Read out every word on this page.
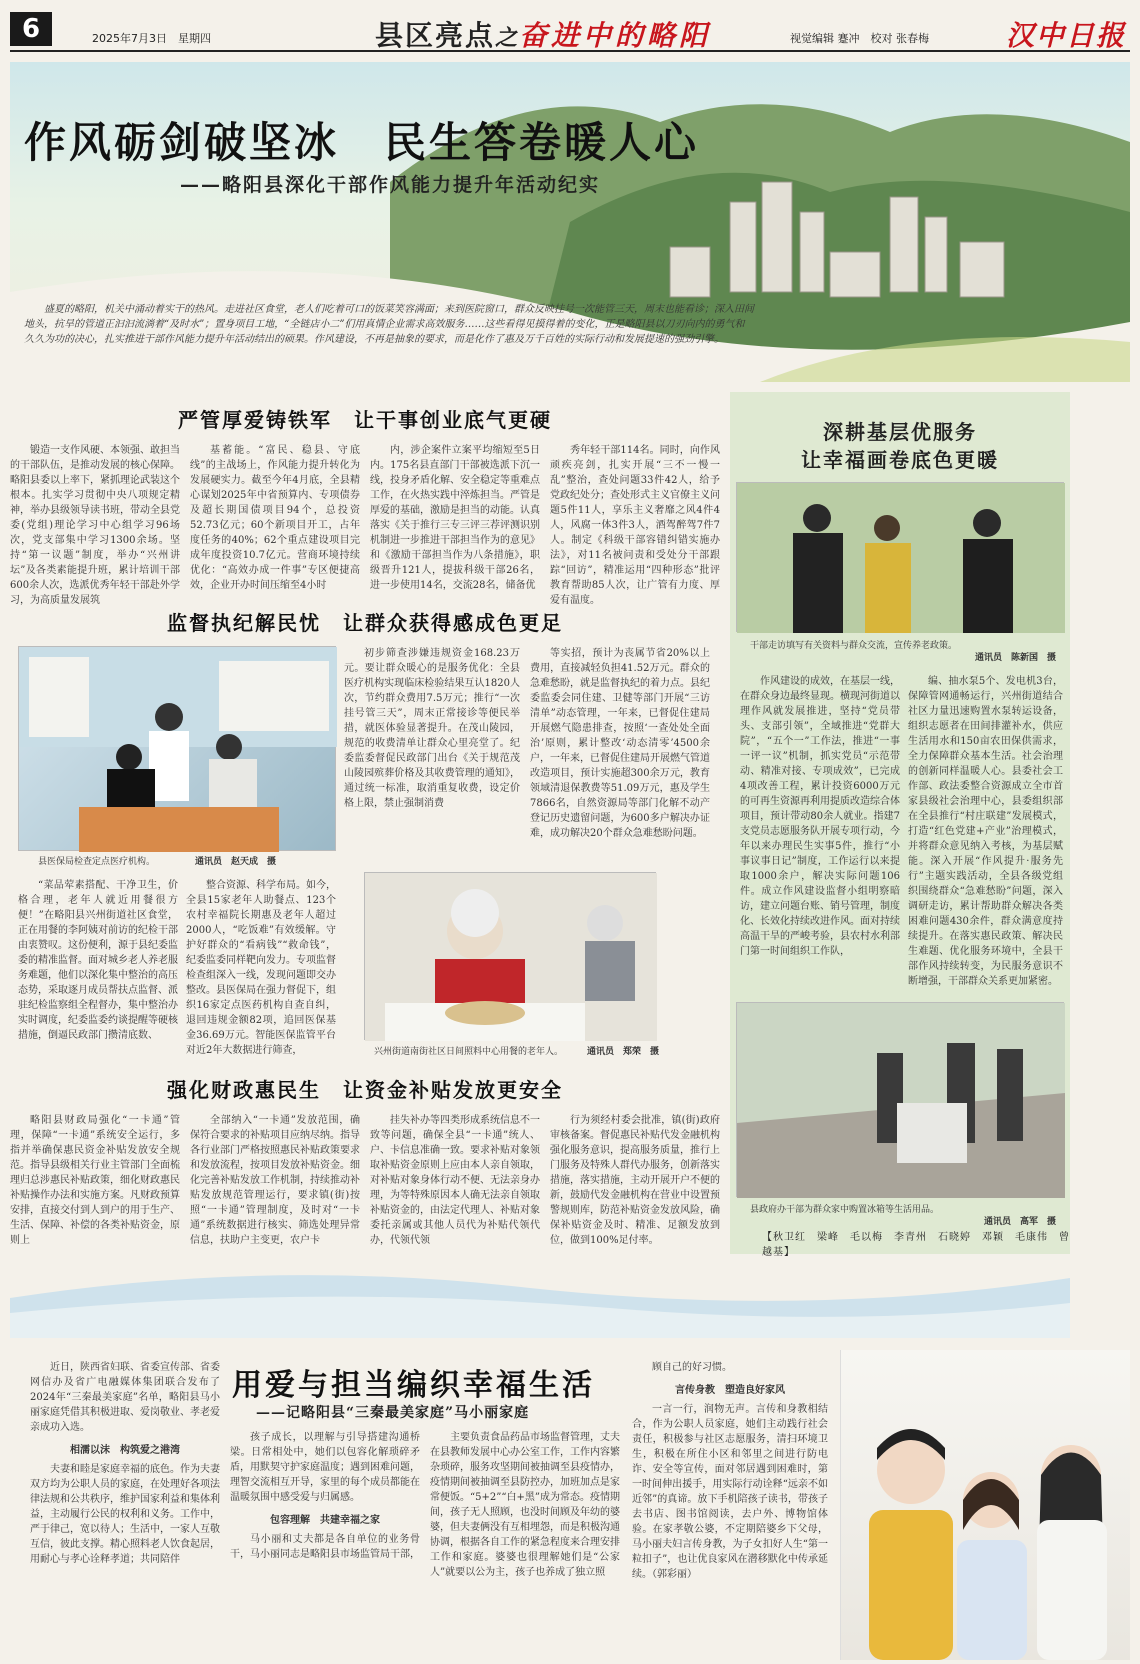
6	2025年7月3日　星期四	县区亮点之奋进中的略阳	视觉编辑 蹇冲　校对 张春梅	汉中日报
作风砺剑破坚冰　民生答卷暖人心
——略阳县深化干部作风能力提升年活动纪实
盛夏的略阳，机关中涌动着实干的热风。走进社区食堂，老人们吃着可口的饭菜笑容满面；来到医院窗口，群众反映挂号一次能管三天，周末也能看诊；深入田间地头，抗旱的管道正汩汩流淌着“及时水”；置身项目工地，“全链店小二”们用真情企业需求高效服务……这些看得见摸得着的变化，正是略阳县以刀刃向内的勇气和久久为功的决心，扎实推进干部作风能力提升年活动结出的硕果。作风建设，不再是抽象的要求，而是化作了惠及万千百姓的实际行动和发展提速的强劲引擎。
严管厚爱铸铁军　让干事创业底气更硬
锻造一支作风硬、本领强、敢担当的干部队伍，是推动发展的核心保障。略阳县委以上率下，紧抓理论武装这个根本。扎实学习贯彻中央八项规定精神，举办县级领导读书班，带动全县党委(党组)理论学习中心组学习96场次，党支部集中学习1300余场。坚持“第一议题”制度，举办“兴州讲坛”及各类素能提升班，累计培训干部600余人次，选派优秀年轻干部赴外学习，为高质量发展筑
基蓄能。“富民、稳县、守底线”的主战场上，作风能力提升转化为发展硬实力。截至今年4月底，全县精心谋划2025年中省预算内、专项债券及超长期国债项目94个，总投资52.73亿元；60个新项目开工，占年度任务的40%；62个重点建设项目完成年度投资10.7亿元。营商环境持续优化：“高效办成一件事”专区便捷高效，企业开办时间压缩至4小时
内，涉企案件立案平均缩短至5日内。175名县直部门干部被选派下沉一线，投身矛盾化解、安全稳定等重难点工作，在火热实践中淬炼担当。严管是厚爱的基础，激励是担当的动能。认真落实《关于推行三专三评三荐评测识别机制进一步推进干部担当作为的意见》和《激励干部担当作为八条措施》，职级晋升121人，提拔科级干部26名，进一步使用14名，交流28名，储备优
秀年轻干部114名。同时，向作风顽疾亮剑，扎实开展“三不一慢一乱”整治，查处问题33件42人，给予党政纪处分；查处形式主义官僚主义问题5件11人，享乐主义奢靡之风4件4人，风腐一体3件3人，酒驾醉驾7件7人。制定《科级干部容错纠错实施办法》，对11名被问责和受处分干部跟踪“回访”，精准运用“四种形态”批评教育帮助85人次，让广管有力度、厚爱有温度。
监督执纪解民忧　让群众获得感成色更足
县医保局检查定点医疗机构。	通讯员　赵天成　摄
初步筛查涉嫌违规资金168.23万元。要让群众暖心的是服务优化：全县医疗机构实现临床检验结果互认1820人次，节约群众费用7.5万元；推行“一次挂号管三天”，周末正常接诊等便民举措，就医体验显著提升。在茂山陵园，规范的收费清单让群众心里亮堂了。纪委监委督促民政部门出台《关于规范茂山陵园殡葬价格及其收费管理的通知》，通过统一标准，取消重复收费，设定价格上限，禁止强制消费
等实招，预计为丧属节省20%以上费用，直接减轻负担41.52万元。群众的急难愁盼，就是监督执纪的着力点。县纪委监委会同住建、卫健等部门开展“三访清单”动态管理，一年来，已督促住建局开展燃气隐患排查，按照‘一查处处全面治’原则，累计整改‘动态清零’4500余户，一年来，已督促住建局开展燃气管道改造项目，预计实施超300余万元，教育领域清退保教费等51.09万元，惠及学生7866名，自然资源局等部门化解不动产登记历史遗留问题，为600多户解决办证难，成功解决20个群众急难愁盼问题。
“菜品荤素搭配、干净卫生，价格合理，老年人就近用餐很方便！”在略阳县兴州街道社区食堂，正在用餐的李阿姨对前访的纪检干部由衷赞叹。这份便利，源于县纪委监委的精准监督。面对城乡老人养老服务难题，他们以深化集中整治的高压态势，采取逐月成员帮扶点监督、派驻纪检监察组全程督办，集中整治办实时调度，纪委监委约谈提醒等硬核措施，倒逼民政部门攒清底数、
整合资源、科学布局。如今，全县15家老年人助餐点、123个农村幸福院长期惠及老年人超过2000人，“吃饭难”有效缓解。守护好群众的“看病钱”“救命钱”，纪委监委同样靶向发力。专项监督检查组深入一线，发现问题即交办整改。县医保局在强力督促下，组织16家定点医药机构自查自纠，退回违规金额82项，追回医保基金36.69万元。智能医保监管平台对近2年大数据进行筛查，	兴州街道南街社区日间照料中心用餐的老年人。	通讯员　郑荣　摄
强化财政惠民生　让资金补贴发放更安全
略阳县财政局强化“一卡通”管理，保障“一卡通”系统安全运行，多指并举确保惠民资金补贴发放安全规范。指导县级相关行业主管部门全面梳理归总涉惠民补贴政策，细化财政惠民补贴操作办法和实施方案。凡财政预算安排，直接交付到人到户的用于生产、生活、保障、补偿的各类补贴资金，原则上
全部纳入“一卡通”发放范围，确保符合要求的补贴项目应纳尽纳。指导各行业部门严格按照惠民补贴政策要求和发放流程，按项目发放补贴资金。细化完善补贴发放工作机制，持续推动补贴发放规范管理运行，要求镇(街)按照“一卡通”管理制度，及时对“一卡通”系统数据进行核实、筛选处理异常信息，扶助户主变更，农户卡
挂失补办等四类形成系统信息不一致等问题，确保全县“一卡通”统人、户、卡信息准确一致。要求补贴对象领取补贴资金原则上应由本人亲自领取，对补贴对象身体行动不便、无法亲身办理，为等特殊原因本人确无法亲自领取补贴资金的，由法定代理人、补贴对象委托亲属或其他人员代为补贴代领代办，代领代领
行为须经村委会批准，镇(街)政府审核备案。督促惠民补贴代发金融机构强化服务意识，提高服务质量，推行上门服务及特殊人群代办服务，创新落实措施，落实措施，主动开展开户不便的新，鼓励代发金融机构在营业中设置预警规则库，防范补贴资金发放风险，确保补贴资金及时、精准、足额发放到位，做到100%足付率。
深耕基层优服务
让幸福画卷底色更暖
干部走访填写有关资料与群众交流，宣传养老政策。
通讯员　陈新国　摄
作风建设的成效，在基层一线，在群众身边最终显现。横现河街道以理作风就发展推进，坚持“党员带头、支部引领”，全域推进“党群大院”，“五个一”工作法，推进“一事一评一议”机制，抓实党员“示范带动、精准对接、专项成效”，已完成4项改善工程，累计投资6000万元的可再生资源再利用提质改造综合体项目，预计带动80余人就业。指建7支党员志愿服务队开展专项行动，今年以来办理民生实事5件，推行“小事议事日记”制度，工作运行以来提取1000余户，解决实际问题106件。成立作风建设监督小组明察暗访，建立问题台账、销号管理，制度化、长效化持续改进作风。面对持续高温干旱的严峻考验，县农村水利部门第一时间组织工作队，
编、抽水泵5个、发电机3台，保障管网通畅运行，兴州街道结合社区力量迅速购置水泵转运设备，组织志愿者在田间排灌补水，供应生活用水和150亩农田保供需求，全力保障群众基本生活。社会治理的创新同样温暖人心。县委社会工作部、政法委整合资源成立全市首家县级社会治理中心，县委组织部在全县推行“村庄联建”发展模式，打造“红色党建+产业”治理模式，并将群众意见纳入考核，为基层赋能。深入开展“作风提升·服务先行”主题实践活动，全县各级党组织围绕群众“急难愁盼”问题，深入调研走访，累计帮助群众解决各类困难问题430余件，群众满意度持续提升。在落实惠民政策、解决民生难题、优化服务环境中，全县干部作风持续转变，为民服务意识不断增强，干部群众关系更加紧密。
县政府办干部为群众家中购置冰箱等生活用品。
通讯员　高军　摄
【秋卫红　梁峰　毛以梅　李青州　石晓婷　邓颖　毛康伟　曾越基】
用爱与担当编织幸福生活
——记略阳县“三秦最美家庭”马小丽家庭
近日，陕西省妇联、省委宣传部、省委网信办及省广电融媒体集团联合发布了2024年“三秦最美家庭”名单，略阳县马小丽家庭凭借其积极进取、爱岗敬业、孝老爱亲成功入选。
相濡以沫　构筑爱之港湾
夫妻和睦是家庭幸福的底色。作为夫妻双方均为公职人员的家庭，在处理好各项法律法规和公共秩序，维护国家利益和集体利益，主动履行公民的权利和义务。工作中，严于律己，宽以待人；生活中，一家人互敬互信，彼此支撑。精心照料老人饮食起居，用耐心与孝心诠释孝道；共同陪伴
孩子成长，以理解与引导搭建沟通桥梁。日常相处中，她们以包容化解琐碎矛盾，用默契守护家庭温度；遇到困难问题，理智交流相互开导，家里的每个成员都能在温暖氛围中感受爱与归属感。
包容理解　共建幸福之家
马小丽和丈夫都是各自单位的业务骨干，马小丽同志是略阳县市场监管局干部，
主要负责食品药品市场监督管理，丈夫在县教师发展中心办公室工作，工作内容繁杂琐碎，服务攻坚期间被抽调至县疫情办，疫情期间被抽调至县防控办，加班加点是家常便饭。“5+2”“白+黑”成为常态。疫情期间，孩子无人照顾，也没时间顾及年幼的婆婆，但夫妻俩没有互相埋怨，而是积极沟通协调，根据各自工作的紧急程度来合理安排工作和家庭。婆婆也很理解她们是“公家人”就要以公为主，孩子也养成了独立照
顾自己的好习惯。
言传身教　塑造良好家风
一言一行，润物无声。言传和身教相结合，作为公职人员家庭，她们主动践行社会责任，积极参与社区志愿服务，清扫环境卫生，积极在所住小区和邻里之间进行防电诈、安全等宣传，面对邻居遇到困难时，第一时间伸出援手，用实际行动诠释“远亲不如近邻”的真谛。放下手机陪孩子读书，带孩子去书店、图书馆阅读，去户外、博物馆体验。在家孝敬公婆，不定期陪婆乡下父母，马小丽夫妇言传身教，为子女扣好人生“第一粒扣子”，也让优良家风在潜移默化中传承延续。（郭彩丽）
